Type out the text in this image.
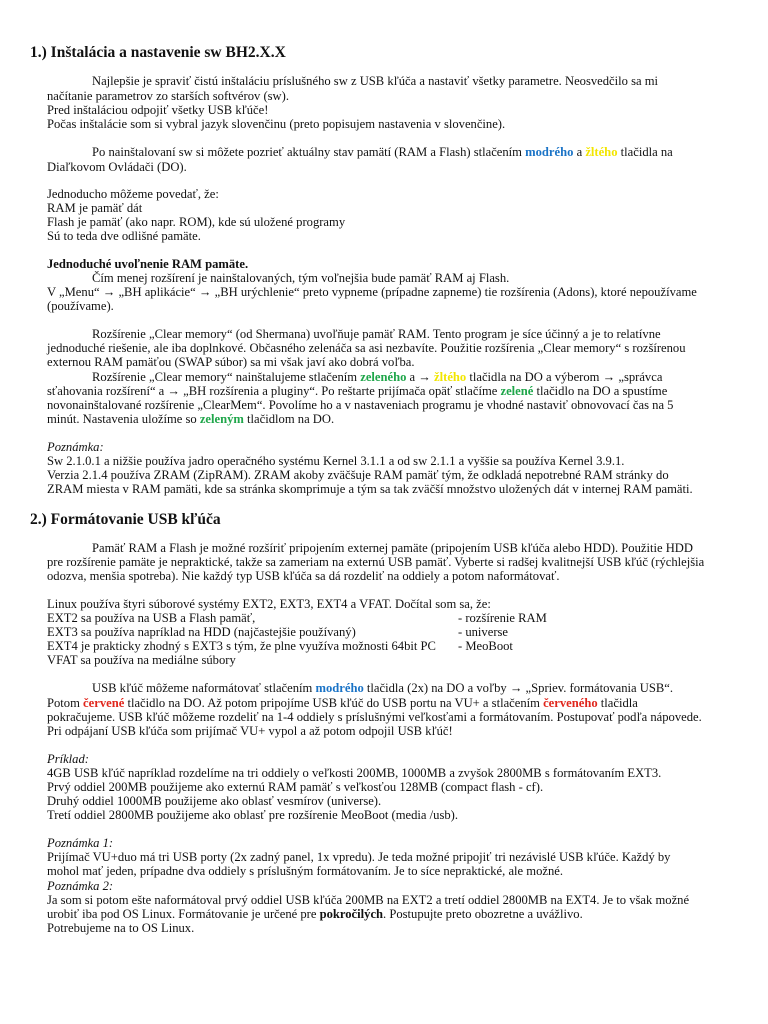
1.) Inštalácia a nastavenie sw BH2.X.X
Najlepšie je spraviť čistú inštaláciu príslušného sw z USB kľúča a nastaviť všetky parametre. Neosvedčilo sa mi
načítanie parametrov zo starších softvérov (sw).
Pred inštaláciou odpojiť všetky USB kľúče!
Počas inštalácie som si vybral jazyk slovenčinu (preto popisujem nastavenia v slovenčine).
Po nainštalovaní sw si môžete pozrieť aktuálny stav pamätí (RAM a Flash) stlačením modrého a žltého tlačidla na
Diaľkovom Ovládači (DO).
Jednoducho môžeme povedať, že:
RAM je pamäť dát
Flash je pamäť (ako napr. ROM), kde sú uložené programy
Sú to teda dve odlišné pamäte.
Jednoduché uvoľnenie RAM pamäte.
Čím menej rozšírení je nainštalovaných, tým voľnejšia bude pamäť RAM aj Flash.
V „Menu“ → „BH aplikácie“ → „BH urýchlenie“ preto vypneme (prípadne zapneme) tie rozšírenia (Adons), ktoré nepoužívame
(používame).
Rozšírenie „Clear memory“ (od Shermana) uvoľňuje pamäť RAM. Tento program je síce účinný a je to relatívne
jednoduché riešenie, ale iba doplnkové. Občasného zelenáča sa asi nezbavíte. Použitie rozšírenia „Clear memory“ s rozšírenou
externou RAM pamäťou (SWAP súbor) sa mi však javí ako dobrá voľba.
Rozšírenie „Clear memory“ nainštalujeme stlačením zeleného a → žltého tlačidla na DO a výberom → „správca
sťahovania rozšírení“ a → „BH rozšírenia a pluginy“. Po reštarte prijímača opäť stlačíme zelené tlačidlo na DO a spustíme
novonainštalované rozšírenie „ClearMem“. Povolíme ho a v nastaveniach programu je vhodné nastaviť obnovovací čas na 5
minút. Nastavenia uložíme so zeleným tlačidlom na DO.
Poznámka:
Sw 2.1.0.1 a nižšie používa jadro operačného systému Kernel 3.1.1 a od sw 2.1.1 a vyššie sa používa Kernel 3.9.1.
Verzia 2.1.4 používa ZRAM (ZipRAM). ZRAM akoby zväčšuje RAM pamäť tým, že odkladá nepotrebné RAM stránky do
ZRAM miesta v RAM pamäti, kde sa stránka skomprimuje a tým sa tak zväčší množstvo uložených dát v internej RAM pamäti.
2.) Formátovanie USB kľúča
Pamäť RAM a Flash je možné rozšíriť pripojením externej pamäte (pripojením USB kľúča alebo HDD). Použitie HDD
pre rozšírenie pamäte je nepraktické, takže sa zameriam na externú USB pamäť. Vyberte si radšej kvalitnejší USB kľúč (rýchlejšia
odozva, menšia spotreba). Nie každý typ USB kľúča sa dá rozdeliť na oddiely a potom naformátovať.
Linux používa štyri súborové systémy EXT2, EXT3, EXT4 a VFAT. Dočítal som sa, že:
EXT2 sa používa na USB a Flash pamäť,	- rozšírenie RAM
EXT3 sa používa napríklad na HDD (najčastejšie používaný)	- universe
EXT4 je prakticky zhodný s EXT3 s tým, že plne využíva možnosti 64bit PC - MeoBoot
VFAT sa používa na mediálne súbory
USB kľúč môžeme naformátovať stlačením modrého tlačidla (2x) na DO a voľby → „Spriev. formátovania USB“.
Potom červené tlačidlo na DO. Až potom pripojíme USB kľúč do USB portu na VU+ a stlačením červeného tlačidla
pokračujeme. USB kľúč môžeme rozdeliť na 1-4 oddiely s príslušnými veľkosťami a formátovaním. Postupovať podľa nápovede.
Pri odpájaní USB kľúča som prijímač VU+ vypol a až potom odpojil USB kľúč!
Príklad:
4GB USB kľúč napríklad rozdelíme na tri oddiely o veľkosti 200MB, 1000MB a zvyšok 2800MB s formátovaním EXT3.
Prvý oddiel 200MB použijeme ako externú RAM pamäť s veľkosťou 128MB (compact flash - cf).
Druhý oddiel 1000MB použijeme ako oblasť vesmírov (universe).
Tretí oddiel 2800MB použijeme ako oblasť pre rozšírenie MeoBoot (media /usb).
Poznámka 1:
Prijímač VU+duo má tri USB porty (2x zadný panel, 1x vpredu). Je teda možné pripojiť tri nezávislé USB kľúče. Každý by
mohol mať jeden, prípadne dva oddiely s príslušným formátovaním. Je to síce nepraktické, ale možné.
Poznámka 2:
Ja som si potom ešte naformátoval prvý oddiel USB kľúča 200MB na EXT2 a tretí oddiel 2800MB na EXT4. Je to však možné
urobiť iba pod OS Linux. Formátovanie je určené pre pokročilých. Postupujte preto obozretne a uvážlivo.
Potrebujeme na to OS Linux.
